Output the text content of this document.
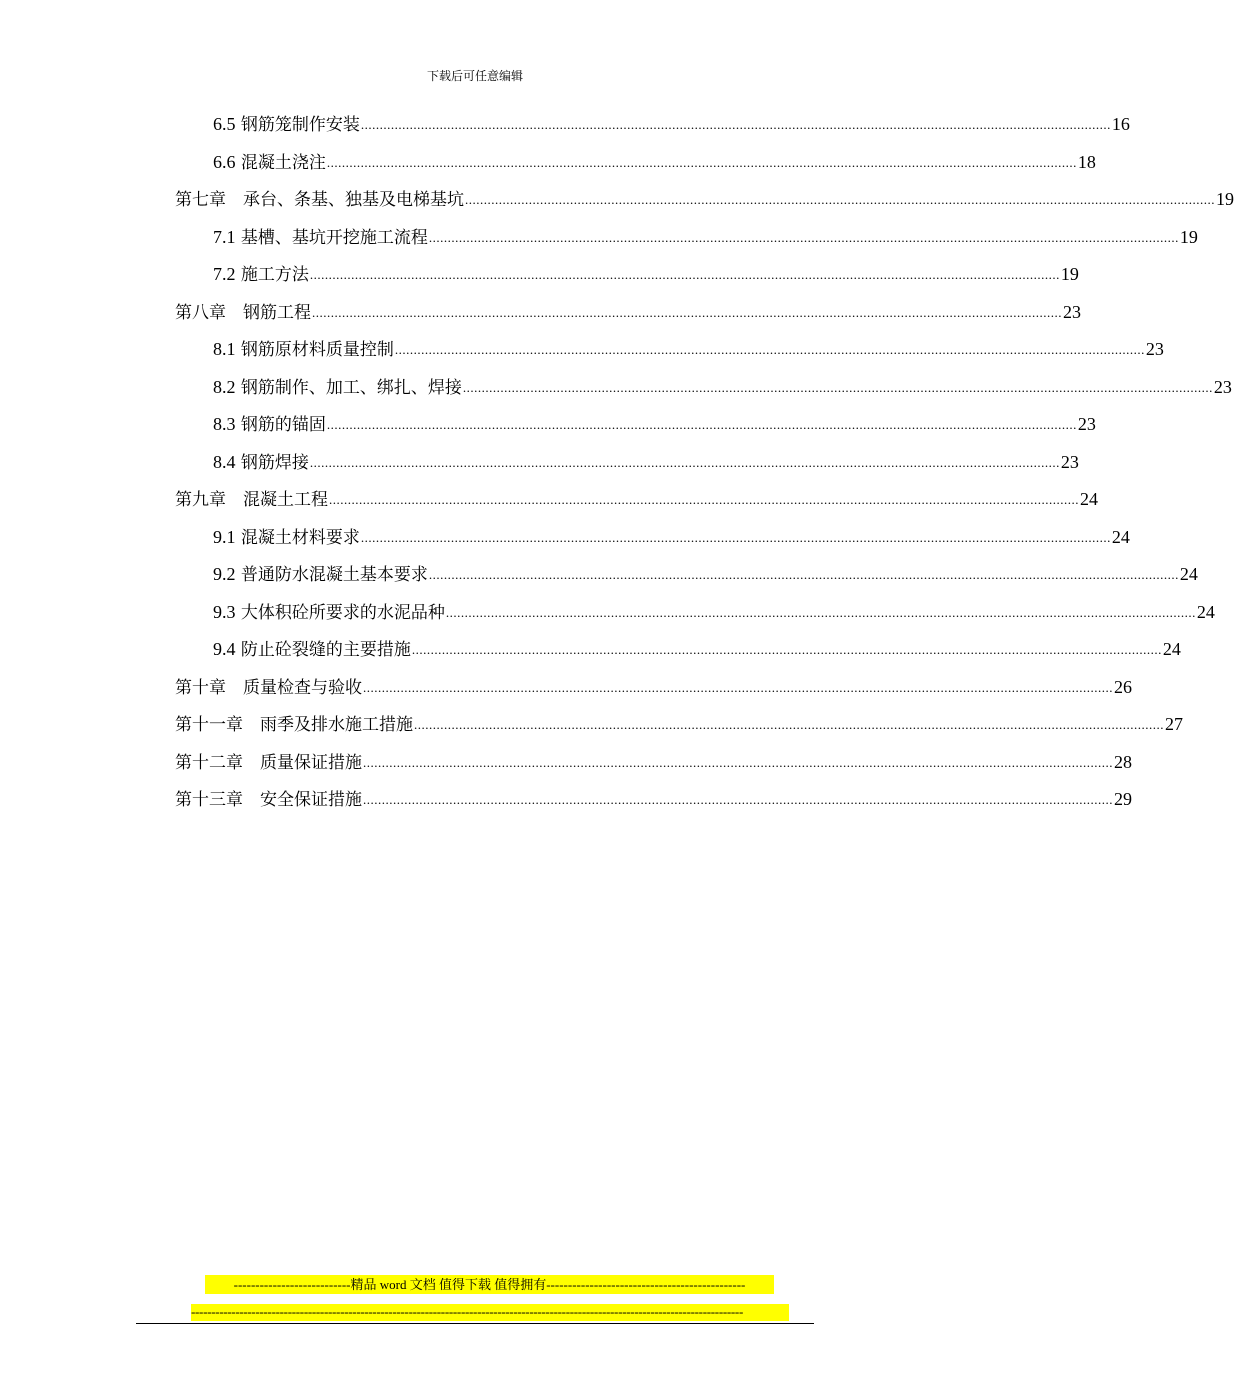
下载后可任意编辑
6.5 钢筋笼制作安装 ........................................................................................................................................................................................................ 16
6.6 混凝土浇注 ........................................................................................................................................................................................................ 18
第七章　承台、条基、独基及电梯基坑 ........................................................................................................................................................................................................ 19
7.1 基槽、基坑开挖施工流程 ........................................................................................................................................................................................................ 19
7.2 施工方法 ........................................................................................................................................................................................................ 19
第八章　钢筋工程 ........................................................................................................................................................................................................ 23
8.1 钢筋原材料质量控制 ........................................................................................................................................................................................................ 23
8.2 钢筋制作、加工、绑扎、焊接 ........................................................................................................................................................................................................ 23
8.3 钢筋的锚固 ........................................................................................................................................................................................................ 23
8.4 钢筋焊接 ........................................................................................................................................................................................................ 23
第九章　混凝土工程 ........................................................................................................................................................................................................ 24
9.1 混凝土材料要求 ........................................................................................................................................................................................................ 24
9.2 普通防水混凝土基本要求 ........................................................................................................................................................................................................ 24
9.3 大体积砼所要求的水泥品种 ........................................................................................................................................................................................................ 24
9.4 防止砼裂缝的主要措施 ........................................................................................................................................................................................................ 24
第十章　质量检查与验收 ........................................................................................................................................................................................................ 26
第十一章　雨季及排水施工措施 ........................................................................................................................................................................................................ 27
第十二章　质量保证措施 ........................................................................................................................................................................................................ 28
第十三章　安全保证措施 ........................................................................................................................................................................................................ 29
---------------------------精品 word 文档 值得下载 值得拥有----------------------------------------------
-----------------------------------------------------------------------------------------------------------------------------------------
